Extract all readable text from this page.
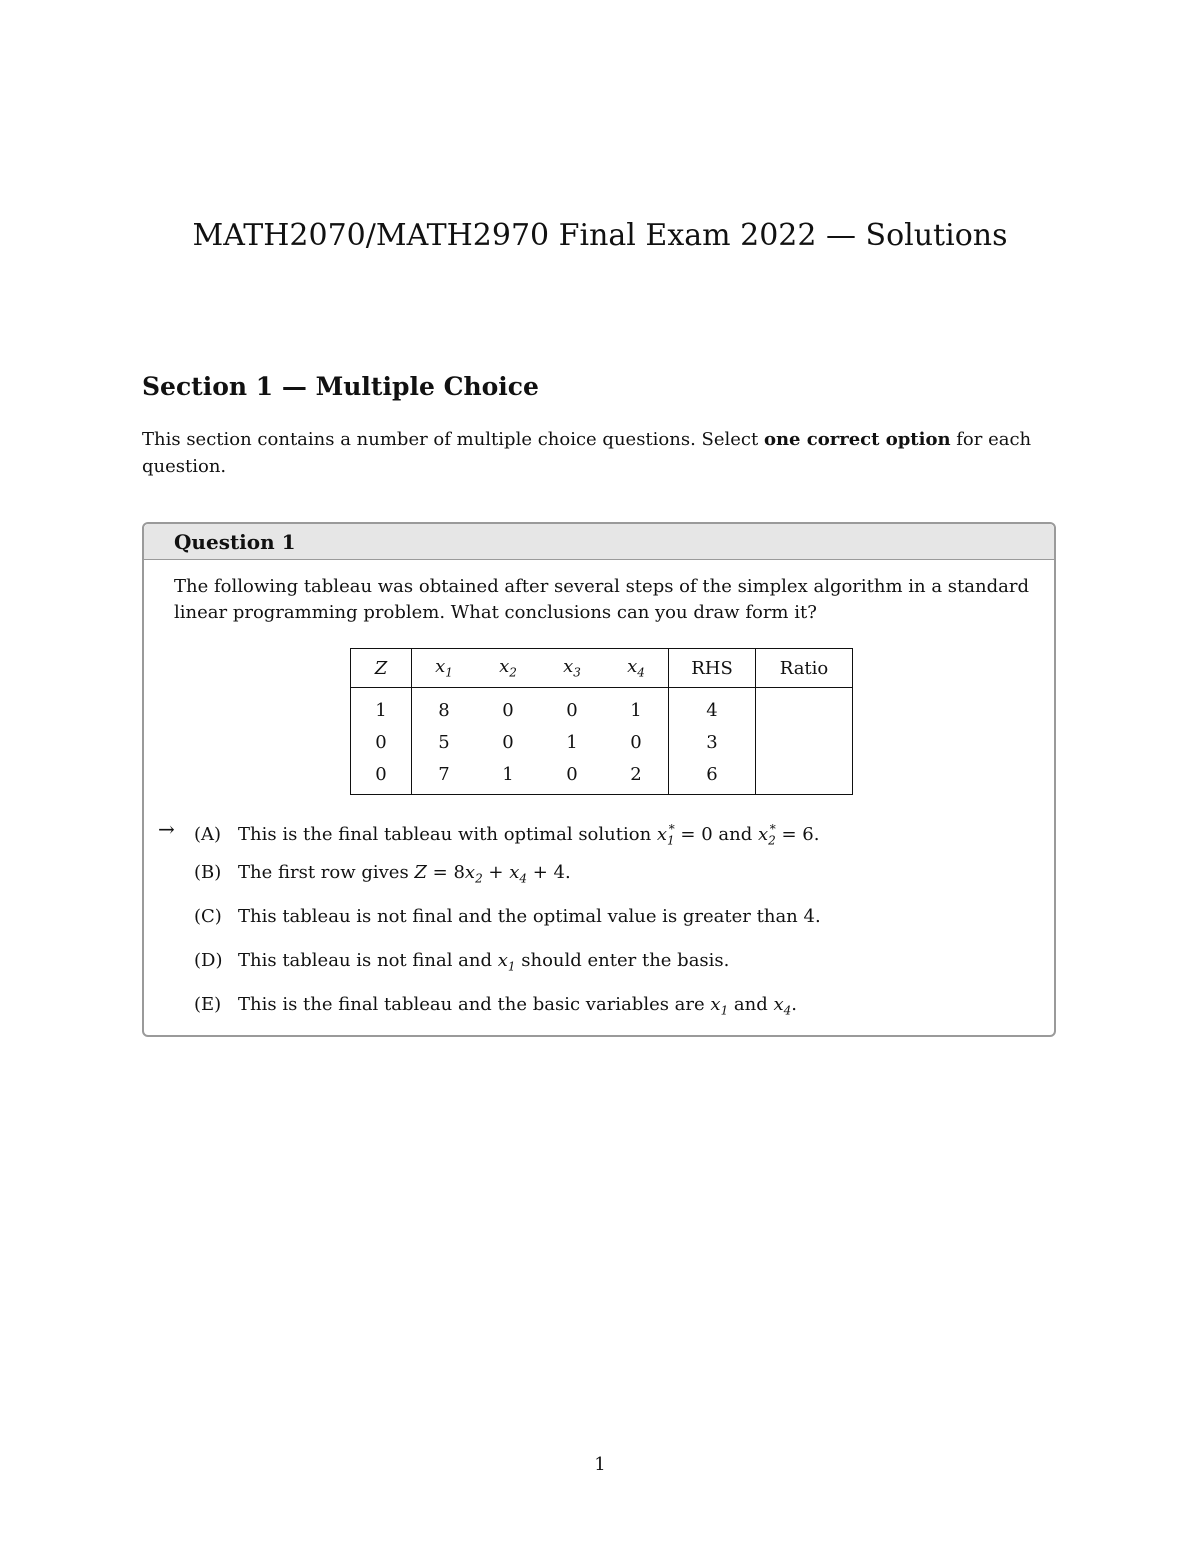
MATH2070/MATH2970 Final Exam 2022 — Solutions
Section 1 — Multiple Choice
This section contains a number of multiple choice questions. Select one correct option for each question.
Question 1
The following tableau was obtained after several steps of the simplex algorithm in a standard linear programming problem. What conclusions can you draw form it?
Z	$x_1$	$x_2$	$x_3$	$x_4$	RHS	Ratio
1	8	0	0	1	4	
0	5	0	1	0	3	
0	7	1	0	2	6	
→ (A) This is the final tableau with optimal solution $x_1^* = 0$ and $x_2^* = 6$.
(B) The first row gives $Z = 8x_2 + x_4 + 4$.
(C) This tableau is not final and the optimal value is greater than 4.
(D) This tableau is not final and $x_1$ should enter the basis.
(E) This is the final tableau and the basic variables are $x_1$ and $x_4$.
1
